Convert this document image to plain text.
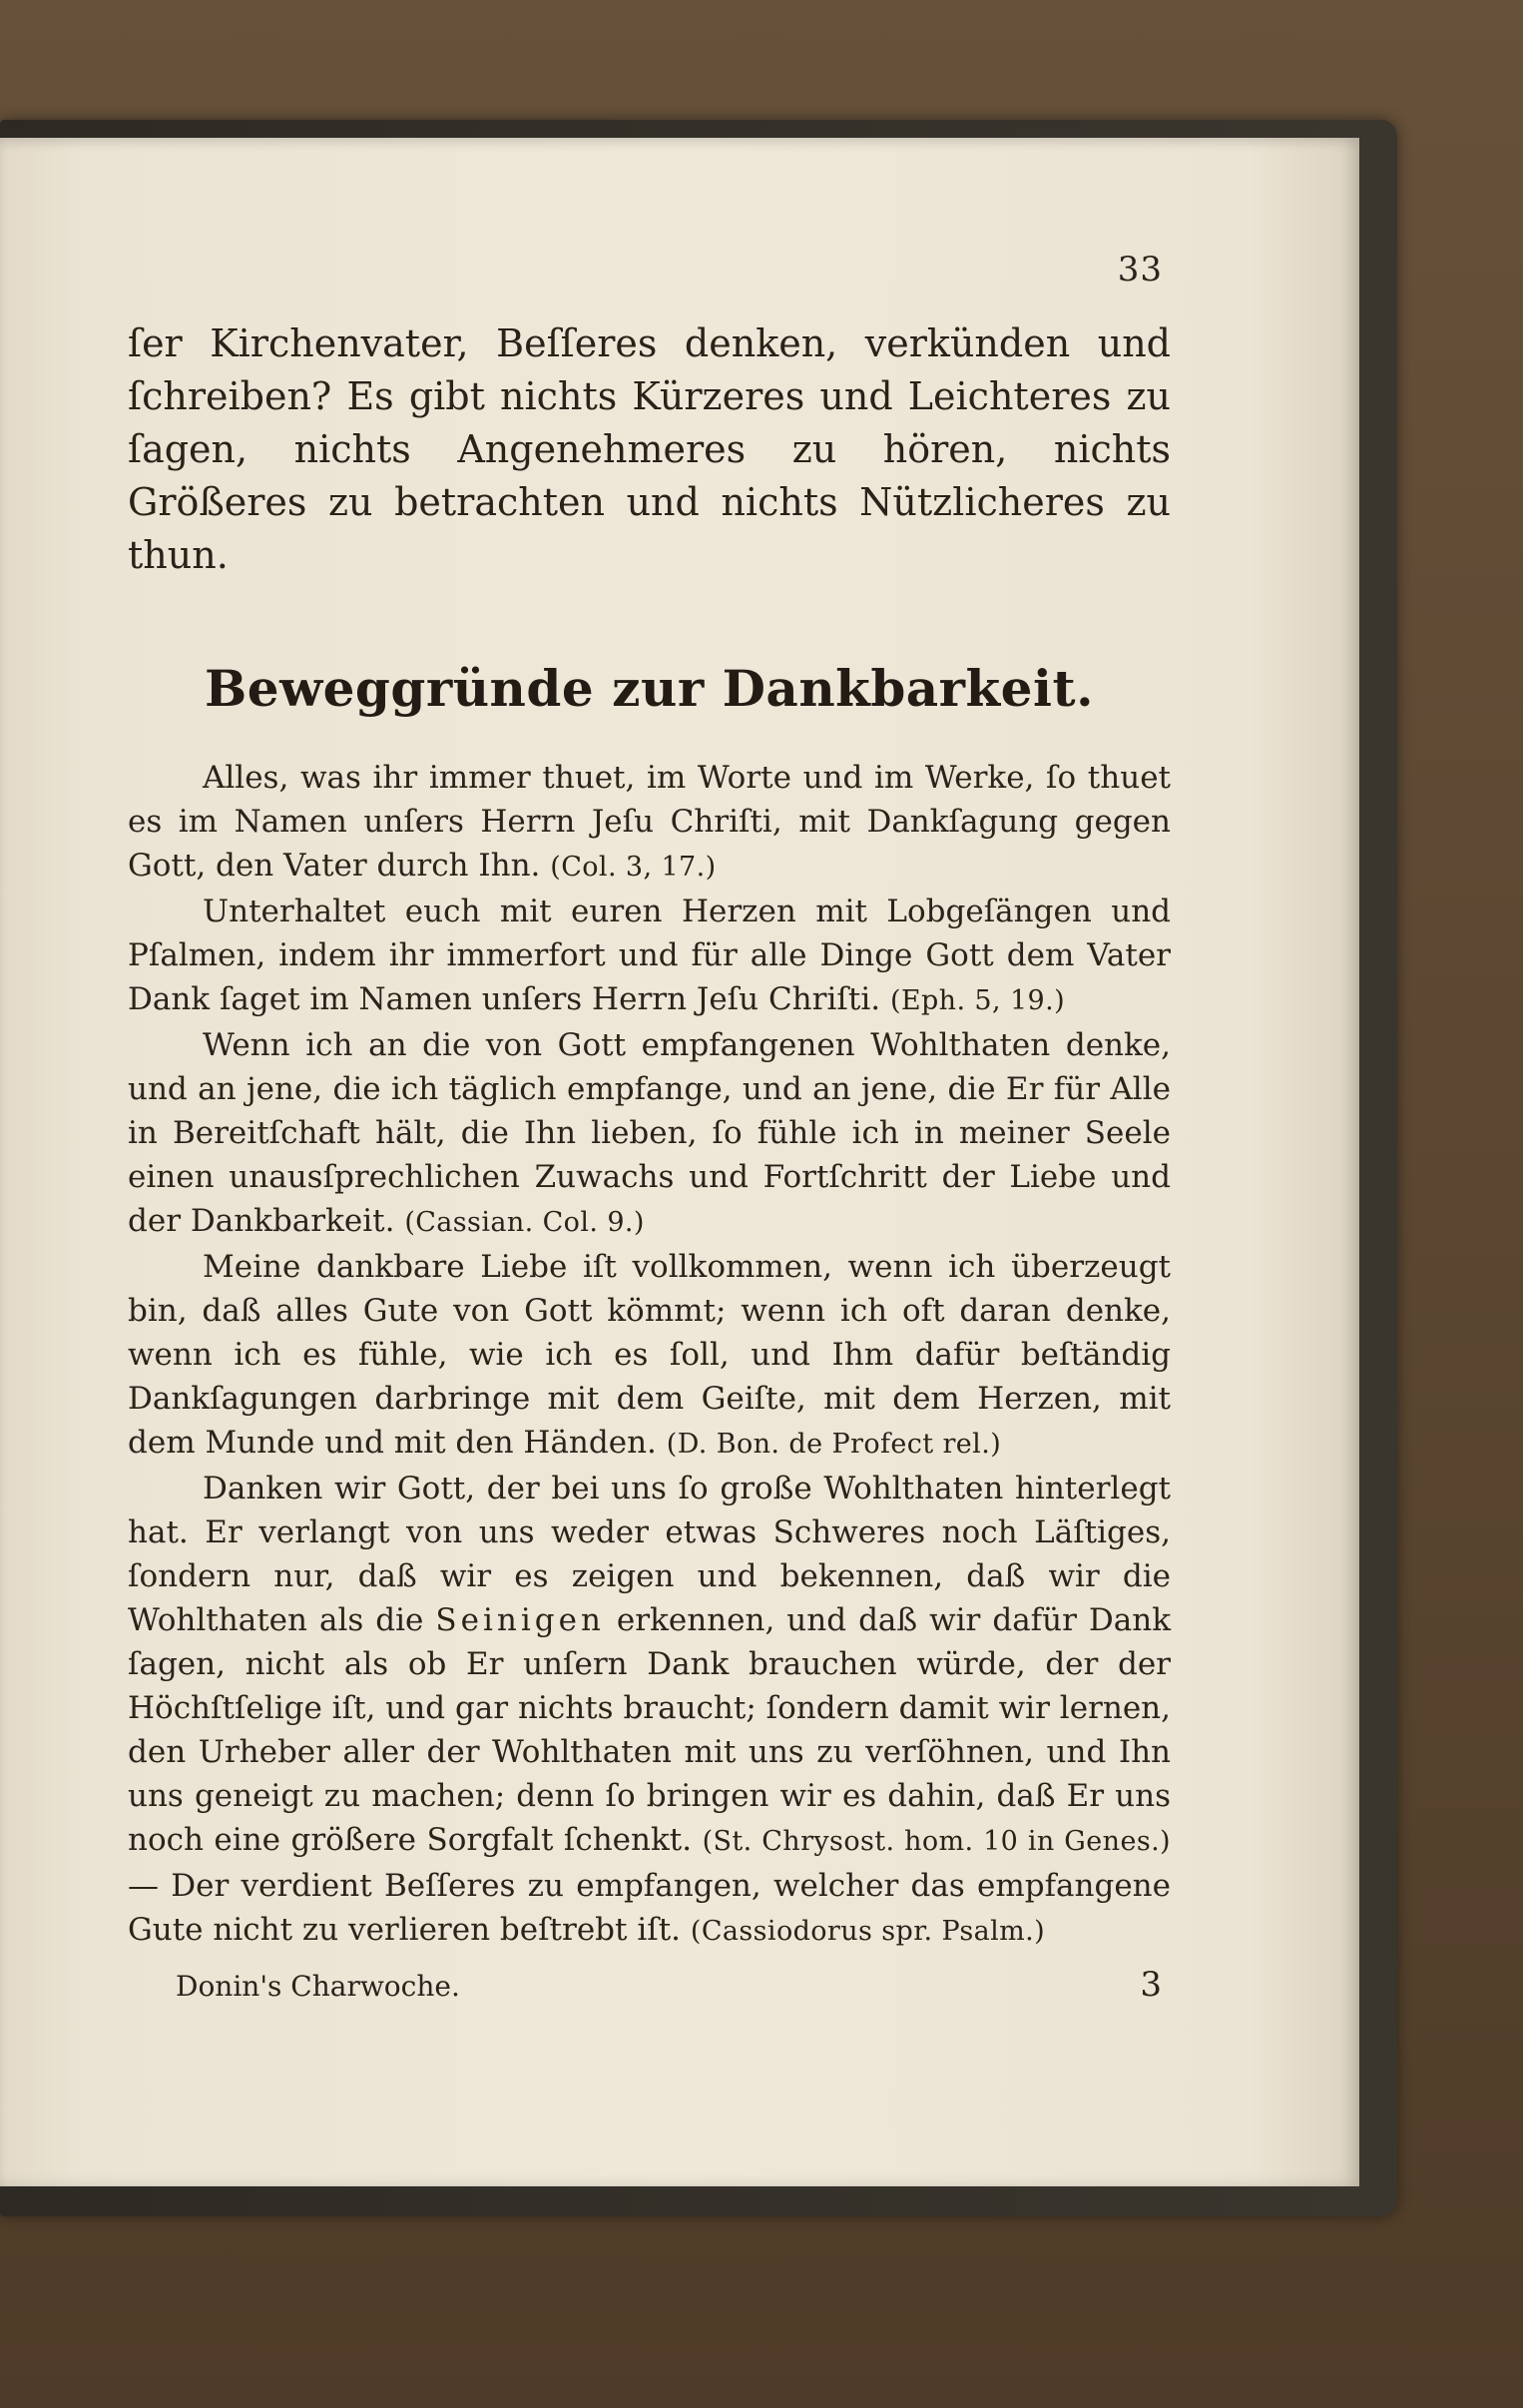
33

ſer Kirchenvater, Beſſeres denken, verkünden und ſchreiben? Es gibt nichts Kürzeres und Leichteres zu ſagen, nichts Angenehmeres zu hören, nichts Größeres zu betrachten und nichts Nützlicheres zu thun.

Beweggründe zur Dankbarkeit.

Alles, was ihr immer thuet, im Worte und im Werke, ſo thuet es im Namen unſers Herrn Jeſu Chriſti, mit Dankſagung gegen Gott, den Vater durch Ihn. (Col. 3, 17.)

Unterhaltet euch mit euren Herzen mit Lobgeſängen und Pſalmen, indem ihr immerfort und für alle Dinge Gott dem Vater Dank ſaget im Namen unſers Herrn Jeſu Chriſti. (Eph. 5, 19.)

Wenn ich an die von Gott empfangenen Wohlthaten denke, und an jene, die ich täglich empfange, und an jene, die Er für Alle in Bereitſchaft hält, die Ihn lieben, ſo fühle ich in meiner Seele einen unausſprechlichen Zuwachs und Fortſchritt der Liebe und der Dankbarkeit. (Cassian. Col. 9.)

Meine dankbare Liebe iſt vollkommen, wenn ich überzeugt bin, daß alles Gute von Gott kömmt; wenn ich oft daran denke, wenn ich es fühle, wie ich es ſoll, und Ihm dafür beſtändig Dankſagungen darbringe mit dem Geiſte, mit dem Herzen, mit dem Munde und mit den Händen. (D. Bon. de Profect rel.)

Danken wir Gott, der bei uns ſo große Wohlthaten hinterlegt hat. Er verlangt von uns weder etwas Schweres noch Läſtiges, ſondern nur, daß wir es zeigen und bekennen, daß wir die Wohlthaten als die Seinigen erkennen, und daß wir dafür Dank ſagen, nicht als ob Er unſern Dank brauchen würde, der der Höchſtſelige iſt, und gar nichts braucht; ſondern damit wir lernen, den Urheber aller der Wohlthaten mit uns zu verſöhnen, und Ihn uns geneigt zu machen; denn ſo bringen wir es dahin, daß Er uns noch eine größere Sorgfalt ſchenkt. (St. Chrysost. hom. 10 in Genes.) — Der verdient Beſſeres zu empfangen, welcher das empfangene Gute nicht zu verlieren beſtrebt iſt. (Cassiodorus spr. Psalm.)

Donin's Charwoche.	3
